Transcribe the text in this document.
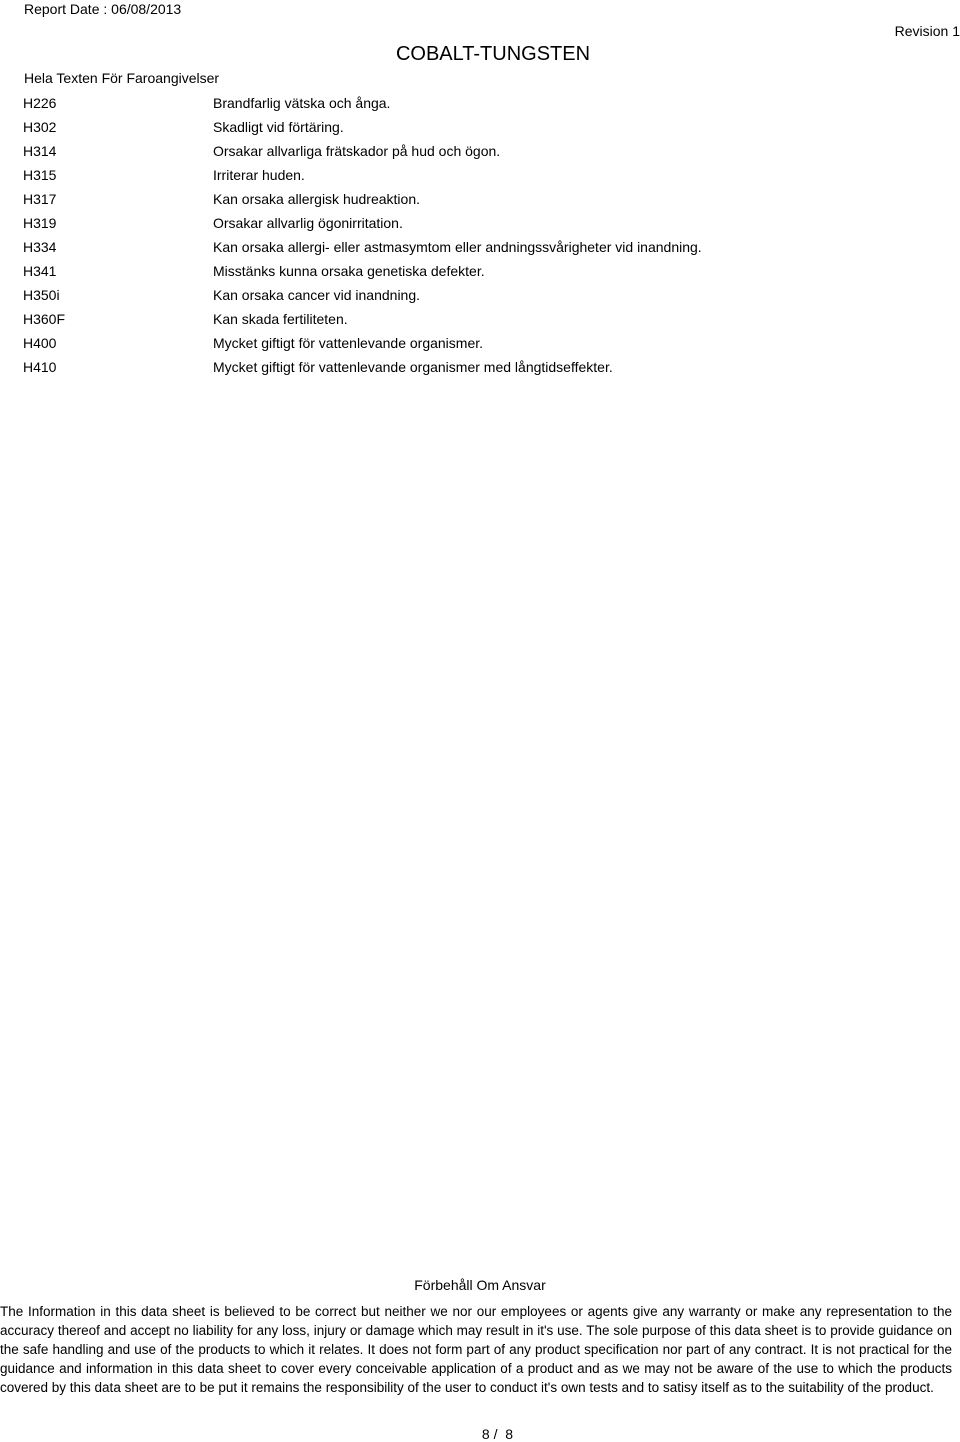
Report Date : 06/08/2013
Revision 1
COBALT-TUNGSTEN
Hela Texten För Faroangivelser
H226	Brandfarlig vätska och ånga.
H302	Skadligt vid förtäring.
H314	Orsakar allvarliga frätskador på hud och ögon.
H315	Irriterar huden.
H317	Kan orsaka allergisk hudreaktion.
H319	Orsakar allvarlig ögonirritation.
H334	Kan orsaka allergi- eller astmasymtom eller andningssvårigheter vid inandning.
H341	Misstänks kunna orsaka genetiska defekter.
H350i	Kan orsaka cancer vid inandning.
H360F	Kan skada fertiliteten.
H400	Mycket giftigt för vattenlevande organismer.
H410	Mycket giftigt för vattenlevande organismer med långtidseffekter.
Förbehåll Om Ansvar
The Information in this data sheet is believed to be correct but neither we nor our employees or agents give any warranty or make any representation to the accuracy thereof and accept no liability for any loss, injury or damage which may result in it's use. The sole purpose of this data sheet is to provide guidance on the safe handling and use of the products to which it relates. It does not form part of any product specification nor part of any contract. It is not practical for the guidance and information in this data sheet to cover every conceivable application of a product and as we may not be aware of the use to which the products covered by this data sheet are to be put it remains the responsibility of the user to conduct it's own tests and to satisy itself as to the suitability of the product.
8 /  8
